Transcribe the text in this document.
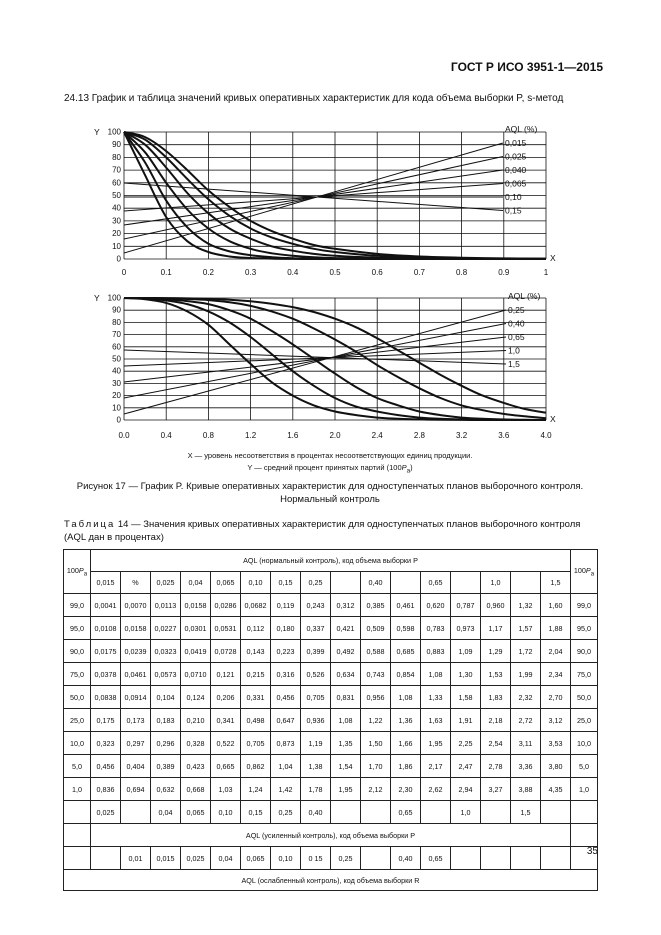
ГОСТ Р ИСО 3951-1—2015
24.13 График и таблица значений кривых оперативных характеристик для кода объема выборки P, s-метод
100
90
80
70
60
50
40
30
20
10
0
0	0.1	0.2	0.3	0.4	0.5	0.6	0.7	0.8	0.9	1
Y
X
AQL (%)
0,015
0,025
0,040
0,065
0,10
0,15
100
90
80
70
60
50
40
30
20
10
0
0.0	0.4	0.8	1.2	1.6	2.0	2.4	2.8	3.2	3.6	4.0
Y
X
AQL (%)
0,25
0,40
0,65
1,0
1,5
X — уровень несоответствия в процентах несоответствующих единиц продукции.
Y — средний процент принятых партий $(100P_a)$
Рисунок 17 — График P. Кривые оперативных характеристик для одноступенчатых планов выборочного контроля.
Нормальный контроль
Таблица 14 — Значения кривых оперативных характеристик для одноступенчатых планов выборочного контроля (AQL дан в процентах)
$100P_a$	AQL (нормальный контроль), код объема выборки P																$100P_a$
	0,015	%	0,025	0,04	0,065	0,10	0,15	0,25		0,40		0,65		1,0		1,5	
99,0	0,0041	0,0070	0,0113	0,0158	0,0286	0,0682	0,119	0,243	0,312	0,385	0,461	0,620	0,787	0,960	1,32	1,60	99,0
95,0	0,0108	0,0158	0,0227	0,0301	0,0531	0,112	0,180	0,337	0,421	0,509	0,598	0,783	0,973	1,17	1,57	1,88	95,0
90,0	0,0175	0,0239	0,0323	0,0419	0,0728	0,143	0,223	0,399	0,492	0,588	0,685	0,883	1,09	1,29	1,72	2,04	90,0
75,0	0,0378	0,0461	0,0573	0,0710	0,121	0,215	0,316	0,526	0,634	0,743	0,854	1,08	1,30	1,53	1,99	2,34	75,0
50,0	0,0838	0,0914	0,104	0,124	0,206	0,331	0,456	0,705	0,831	0,956	1,08	1,33	1,58	1,83	2,32	2,70	50,0
25,0	0,175	0,173	0,183	0,210	0,341	0,498	0,647	0,936	1,08	1,22	1,36	1,63	1,91	2,18	2,72	3,12	25,0
10,0	0,323	0,297	0,296	0,328	0,522	0,705	0,873	1,19	1,35	1,50	1,66	1,95	2,25	2,54	3,11	3,53	10,0
5,0	0,456	0,404	0,389	0,423	0,665	0,862	1,04	1,38	1,54	1,70	1,86	2,17	2,47	2,78	3,36	3,80	5,0
1,0	0,836	0,694	0,632	0,668	1,03	1,24	1,42	1,78	1,95	2,12	2,30	2,62	2,94	3,27	3,88	4,35	1,0
	0,025		0,04	0,065	0,10	0,15	0,25	0,40			0,65		1,0		1,5		
	AQL (усиленный контроль), код объема выборки P																
		0,01	0,015	0,025	0,04	0,065	0,10	0 15	0,25		0,40	0,65					
AQL (ослабленный контроль), код объема выборки R																	
35
